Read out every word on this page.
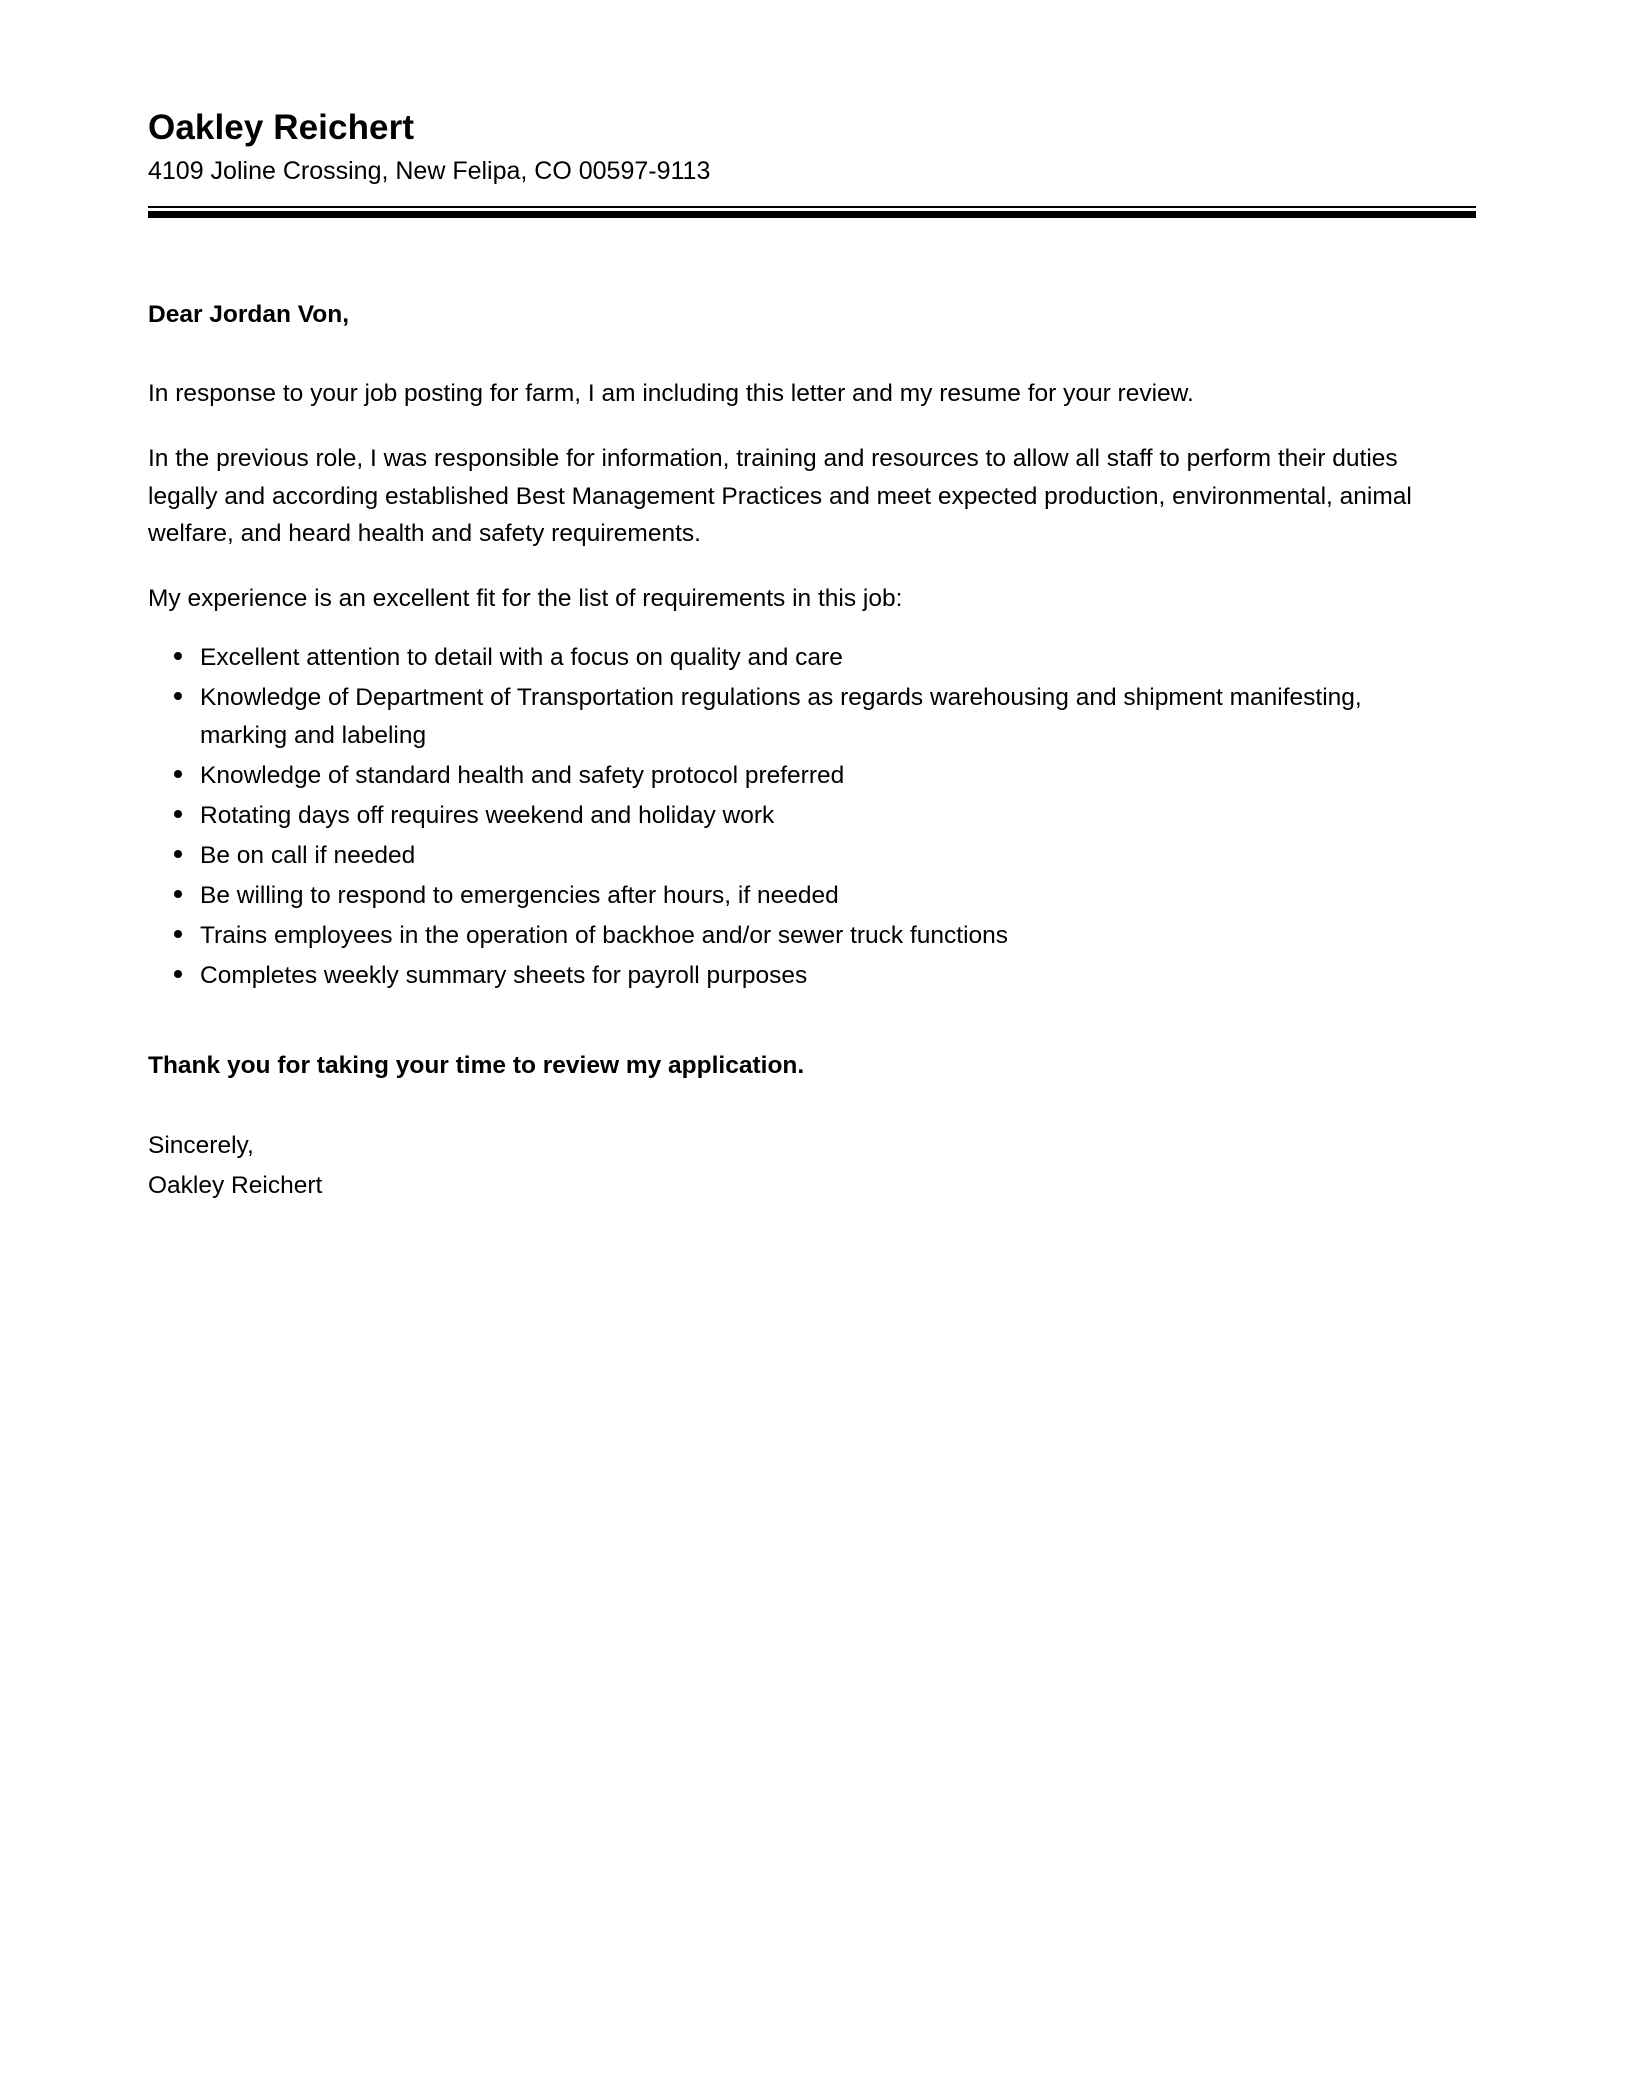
Oakley Reichert
4109 Joline Crossing, New Felipa, CO 00597-9113

Dear Jordan Von,

In response to your job posting for farm, I am including this letter and my resume for your review.

In the previous role, I was responsible for information, training and resources to allow all staff to perform their duties legally and according established Best Management Practices and meet expected production, environmental, animal welfare, and heard health and safety requirements.

My experience is an excellent fit for the list of requirements in this job:

Excellent attention to detail with a focus on quality and care
Knowledge of Department of Transportation regulations as regards warehousing and shipment manifesting, marking and labeling
Knowledge of standard health and safety protocol preferred
Rotating days off requires weekend and holiday work
Be on call if needed
Be willing to respond to emergencies after hours, if needed
Trains employees in the operation of backhoe and/or sewer truck functions
Completes weekly summary sheets for payroll purposes

Thank you for taking your time to review my application.

Sincerely,
Oakley Reichert
